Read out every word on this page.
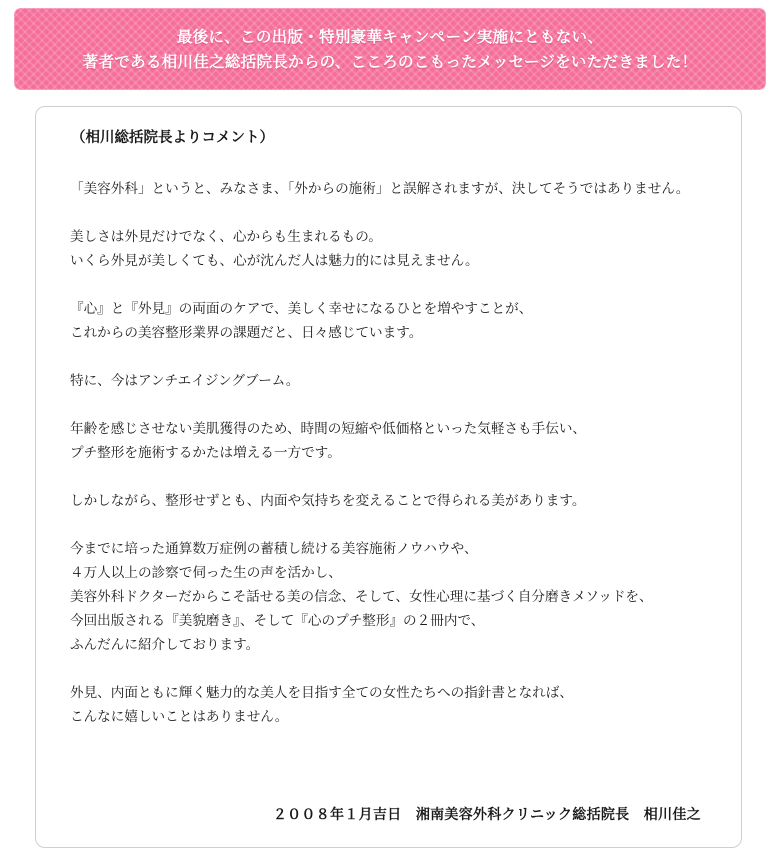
最後に、この出版・特別豪華キャンペーン実施にともない、
著者である相川佳之総括院長からの、こころのこもったメッセージをいただきました！
（相川総括院長よりコメント）
「美容外科」というと、みなさま、「外からの施術」と誤解されますが、決してそうではありません。
美しさは外見だけでなく、心からも生まれるもの。
いくら外見が美しくても、心が沈んだ人は魅力的には見えません。
『心』と『外見』の両面のケアで、美しく幸せになるひとを増やすことが、
これからの美容整形業界の課題だと、日々感じています。
特に、今はアンチエイジングブーム。
年齢を感じさせない美肌獲得のため、時間の短縮や低価格といった気軽さも手伝い、
プチ整形を施術するかたは増える一方です。
しかしながら、整形せずとも、内面や気持ちを変えることで得られる美があります。
今までに培った通算数万症例の蓄積し続ける美容施術ノウハウや、
４万人以上の診察で伺った生の声を活かし、
美容外科ドクターだからこそ話せる美の信念、そして、女性心理に基づく自分磨きメソッドを、
今回出版される『美貌磨き』、そして『心のプチ整形』の２冊内で、
ふんだんに紹介しております。
外見、内面ともに輝く魅力的な美人を目指す全ての女性たちへの指針書となれば、
こんなに嬉しいことはありません。
２００８年１月吉日　湘南美容外科クリニック総括院長　相川佳之
